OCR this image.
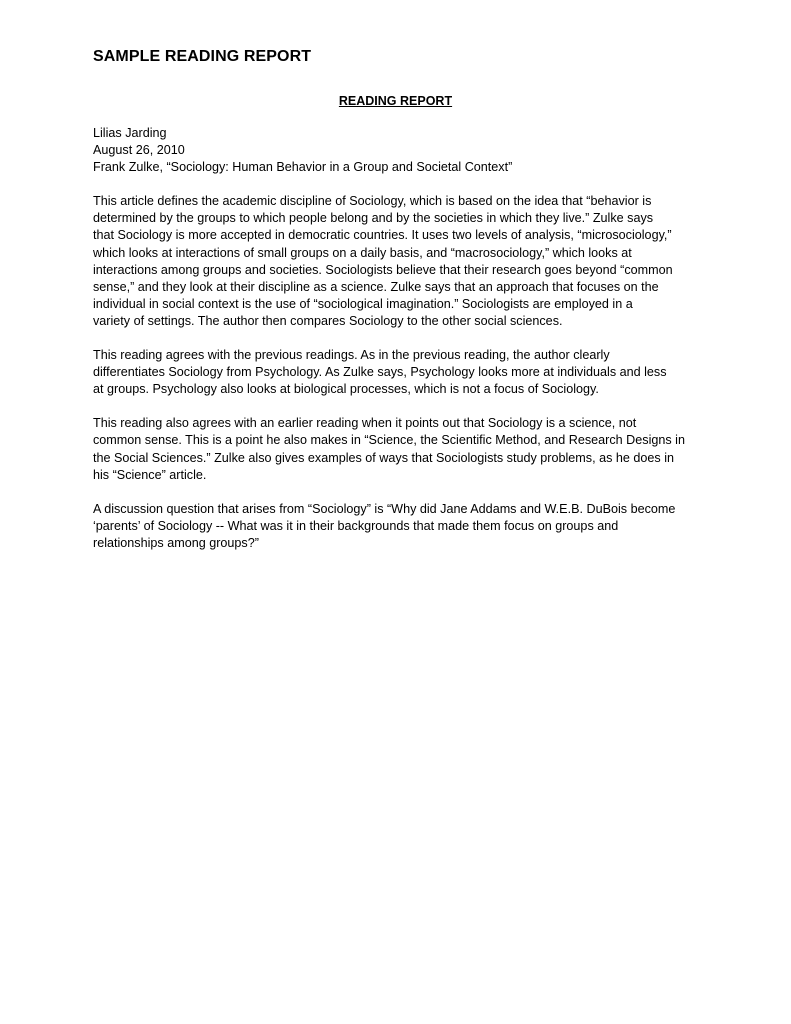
SAMPLE READING REPORT
READING REPORT

Lilias Jarding

August 26, 2010

Frank Zulke, “Sociology: Human Behavior in a Group and Societal Context”

This article defines the academic discipline of Sociology, which is based on the idea that “behavior is
determined by the groups to which people belong and by the societies in which they live.” Zulke says
that Sociology is more accepted in democratic countries. It uses two levels of analysis, “microsociology,”
which looks at interactions of small groups on a daily basis, and “macrosociology,” which looks at
interactions among groups and societies. Sociologists believe that their research goes beyond “common
sense,” and they look at their discipline as a science. Zulke says that an approach that focuses on the
individual in social context is the use of “sociological imagination.” Sociologists are employed in a
variety of settings. The author then compares Sociology to the other social sciences.

This reading agrees with the previous readings. As in the previous reading, the author clearly
differentiates Sociology from Psychology. As Zulke says, Psychology looks more at individuals and less
at groups. Psychology also looks at biological processes, which is not a focus of Sociology.

This reading also agrees with an earlier reading when it points out that Sociology is a science, not
common sense. This is a point he also makes in “Science, the Scientific Method, and Research Designs in
the Social Sciences.” Zulke also gives examples of ways that Sociologists study problems, as he does in
his “Science” article.

A discussion question that arises from “Sociology” is “Why did Jane Addams and W.E.B. DuBois become
‘parents’ of Sociology -- What was it in their backgrounds that made them focus on groups and
relationships among groups?”
